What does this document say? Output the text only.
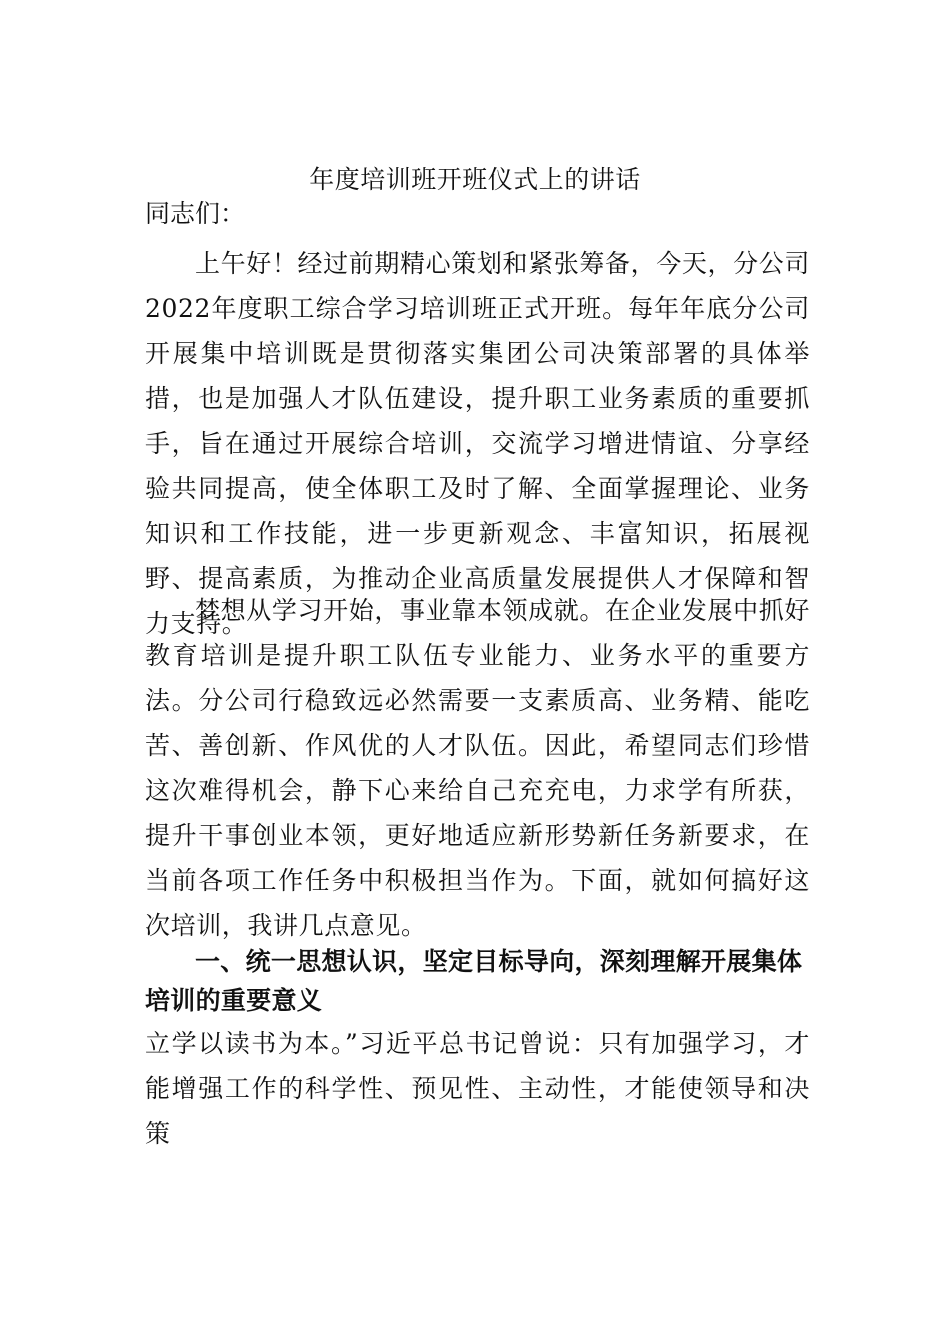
年度培训班开班仪式上的讲话

同志们：

上午好！经过前期精心策划和紧张筹备，今天，分公司2022年度职工综合学习培训班正式开班。每年年底分公司开展集中培训既是贯彻落实集团公司决策部署的具体举措，也是加强人才队伍建设，提升职工业务素质的重要抓手，旨在通过开展综合培训，交流学习增进情谊、分享经验共同提高，使全体职工及时了解、全面掌握理论、业务知识和工作技能，进一步更新观念、丰富知识，拓展视野、提高素质，为推动企业高质量发展提供人才保障和智力支持。

梦想从学习开始，事业靠本领成就。在企业发展中抓好教育培训是提升职工队伍专业能力、业务水平的重要方法。分公司行稳致远必然需要一支素质高、业务精、能吃苦、善创新、作风优的人才队伍。因此，希望同志们珍惜这次难得机会，静下心来给自己充充电，力求学有所获，提升干事创业本领，更好地适应新形势新任务新要求，在当前各项工作任务中积极担当作为。下面，就如何搞好这次培训，我讲几点意见。

一、统一思想认识，坚定目标导向，深刻理解开展集体培训的重要意义

立学以读书为本。”习近平总书记曾说：只有加强学习，才能增强工作的科学性、预见性、主动性，才能使领导和决策
